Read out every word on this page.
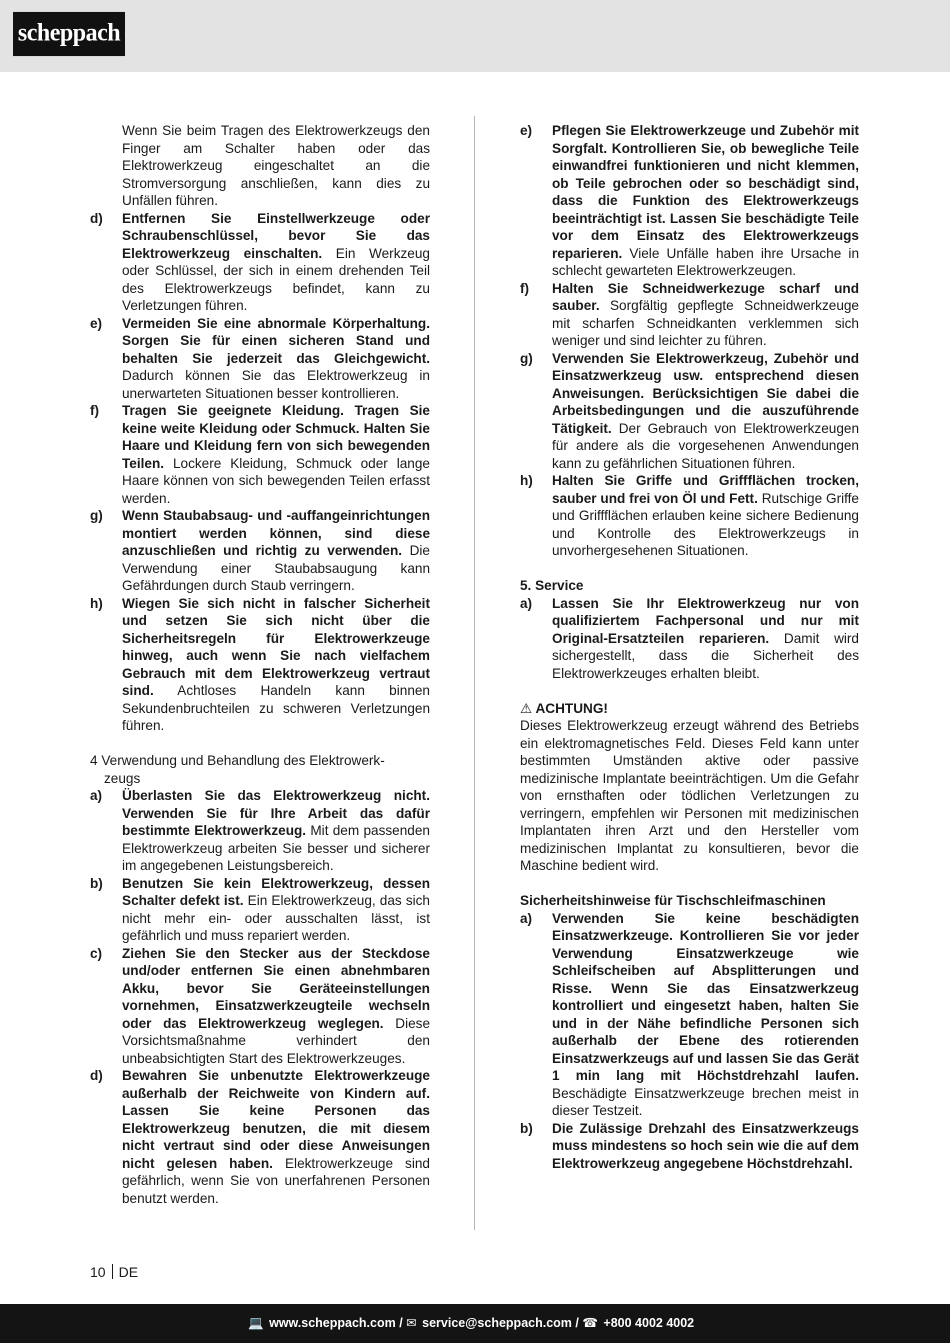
scheppach
Wenn Sie beim Tragen des Elektrowerkzeugs den Finger am Schalter haben oder das Elektrowerkzeug eingeschaltet an die Stromversorgung anschließen, kann dies zu Unfällen führen.
d) Entfernen Sie Einstellwerkzeuge oder Schraubenschlüssel, bevor Sie das Elektrowerkzeug einschalten. Ein Werkzeug oder Schlüssel, der sich in einem drehenden Teil des Elektrowerkzeugs befindet, kann zu Verletzungen führen.
e) Vermeiden Sie eine abnormale Körperhaltung. Sorgen Sie für einen sicheren Stand und behalten Sie jederzeit das Gleichgewicht. Dadurch können Sie das Elektrowerkzeug in unerwarteten Situationen besser kontrollieren.
f) Tragen Sie geeignete Kleidung. Tragen Sie keine weite Kleidung oder Schmuck. Halten Sie Haare und Kleidung fern von sich bewegenden Teilen. Lockere Kleidung, Schmuck oder lange Haare können von sich bewegenden Teilen erfasst werden.
g) Wenn Staubabsaug- und -auffangeinrichtungen montiert werden können, sind diese anzuschließen und richtig zu verwenden. Die Verwendung einer Staubabsaugung kann Gefährdungen durch Staub verringern.
h) Wiegen Sie sich nicht in falscher Sicherheit und setzen Sie sich nicht über die Sicherheitsregeln für Elektrowerkzeuge hinweg, auch wenn Sie nach vielfachem Gebrauch mit dem Elektrowerkzeug vertraut sind. Achtloses Handeln kann binnen Sekundenbruchteilen zu schweren Verletzungen führen.
4 Verwendung und Behandlung des Elektrowerk-
zeugs
a) Überlasten Sie das Elektrowerkzeug nicht. Verwenden Sie für Ihre Arbeit das dafür bestimmte Elektrowerkzeug. Mit dem passenden Elektrowerkzeug arbeiten Sie besser und sicherer im angegebenen Leistungsbereich.
b) Benutzen Sie kein Elektrowerkzeug, dessen Schalter defekt ist. Ein Elektrowerkzeug, das sich nicht mehr ein- oder ausschalten lässt, ist gefährlich und muss repariert werden.
c) Ziehen Sie den Stecker aus der Steckdose und/oder entfernen Sie einen abnehmbaren Akku, bevor Sie Geräteeinstellungen vornehmen, Einsatzwerkzeugteile wechseln oder das Elektrowerkzeug weglegen. Diese Vorsichtsmaßnahme verhindert den unbeabsichtigten Start des Elektrowerkzeuges.
d) Bewahren Sie unbenutzte Elektrowerkzeuge außerhalb der Reichweite von Kindern auf. Lassen Sie keine Personen das Elektrowerkzeug benutzen, die mit diesem nicht vertraut sind oder diese Anweisungen nicht gelesen haben. Elektrowerkzeuge sind gefährlich, wenn Sie von unerfahrenen Personen benutzt werden.
e) Pflegen Sie Elektrowerkzeuge und Zubehör mit Sorgfalt. Kontrollieren Sie, ob bewegliche Teile einwandfrei funktionieren und nicht klemmen, ob Teile gebrochen oder so beschädigt sind, dass die Funktion des Elektrowerkzeugs beeinträchtigt ist. Lassen Sie beschädigte Teile vor dem Einsatz des Elektrowerkzeugs reparieren. Viele Unfälle haben ihre Ursache in schlecht gewarteten Elektrowerkzeugen.
f) Halten Sie Schneidwerkezuge scharf und sauber. Sorgfältig gepflegte Schneidwerkzeuge mit scharfen Schneidkanten verklemmen sich weniger und sind leichter zu führen.
g) Verwenden Sie Elektrowerkzeug, Zubehör und Einsatzwerkzeug usw. entsprechend diesen Anweisungen. Berücksichtigen Sie dabei die Arbeitsbedingungen und die auszuführende Tätigkeit. Der Gebrauch von Elektrowerkzeugen für andere als die vorgesehenen Anwendungen kann zu gefährlichen Situationen führen.
h) Halten Sie Griffe und Griffflächen trocken, sauber und frei von Öl und Fett. Rutschige Griffe und Griffflächen erlauben keine sichere Bedienung und Kontrolle des Elektrowerkzeugs in unvorhergesehenen Situationen.
5. Service
a) Lassen Sie Ihr Elektrowerkzeug nur von qualifiziertem Fachpersonal und nur mit Original-Ersatzteilen reparieren. Damit wird sichergestellt, dass die Sicherheit des Elektrowerkzeuges erhalten bleibt.
⚠ ACHTUNG!
Dieses Elektrowerkzeug erzeugt während des Betriebs ein elektromagnetisches Feld. Dieses Feld kann unter bestimmten Umständen aktive oder passive medizinische Implantate beeinträchtigen. Um die Gefahr von ernsthaften oder tödlichen Verletzungen zu verringern, empfehlen wir Personen mit medizinischen Implantaten ihren Arzt und den Hersteller vom medizinischen Implantat zu konsultieren, bevor die Maschine bedient wird.
Sicherheitshinweise für Tischschleifmaschinen
a) Verwenden Sie keine beschädigten Einsatzwerkzeuge. Kontrollieren Sie vor jeder Verwendung Einsatzwerkzeuge wie Schleifscheiben auf Absplitterungen und Risse. Wenn Sie das Einsatzwerkzeug kontrolliert und eingesetzt haben, halten Sie und in der Nähe befindliche Personen sich außerhalb der Ebene des rotierenden Einsatzwerkzeugs auf und lassen Sie das Gerät 1 min lang mit Höchstdrehzahl laufen. Beschädigte Einsatzwerkzeuge brechen meist in dieser Testzeit.
b) Die Zulässige Drehzahl des Einsatzwerkzeugs muss mindestens so hoch sein wie die auf dem Elektrowerkzeug angegebene Höchstdrehzahl.
10 DE
💻 www.scheppach.com / ✉ service@scheppach.com / ☎ +800 4002 4002
